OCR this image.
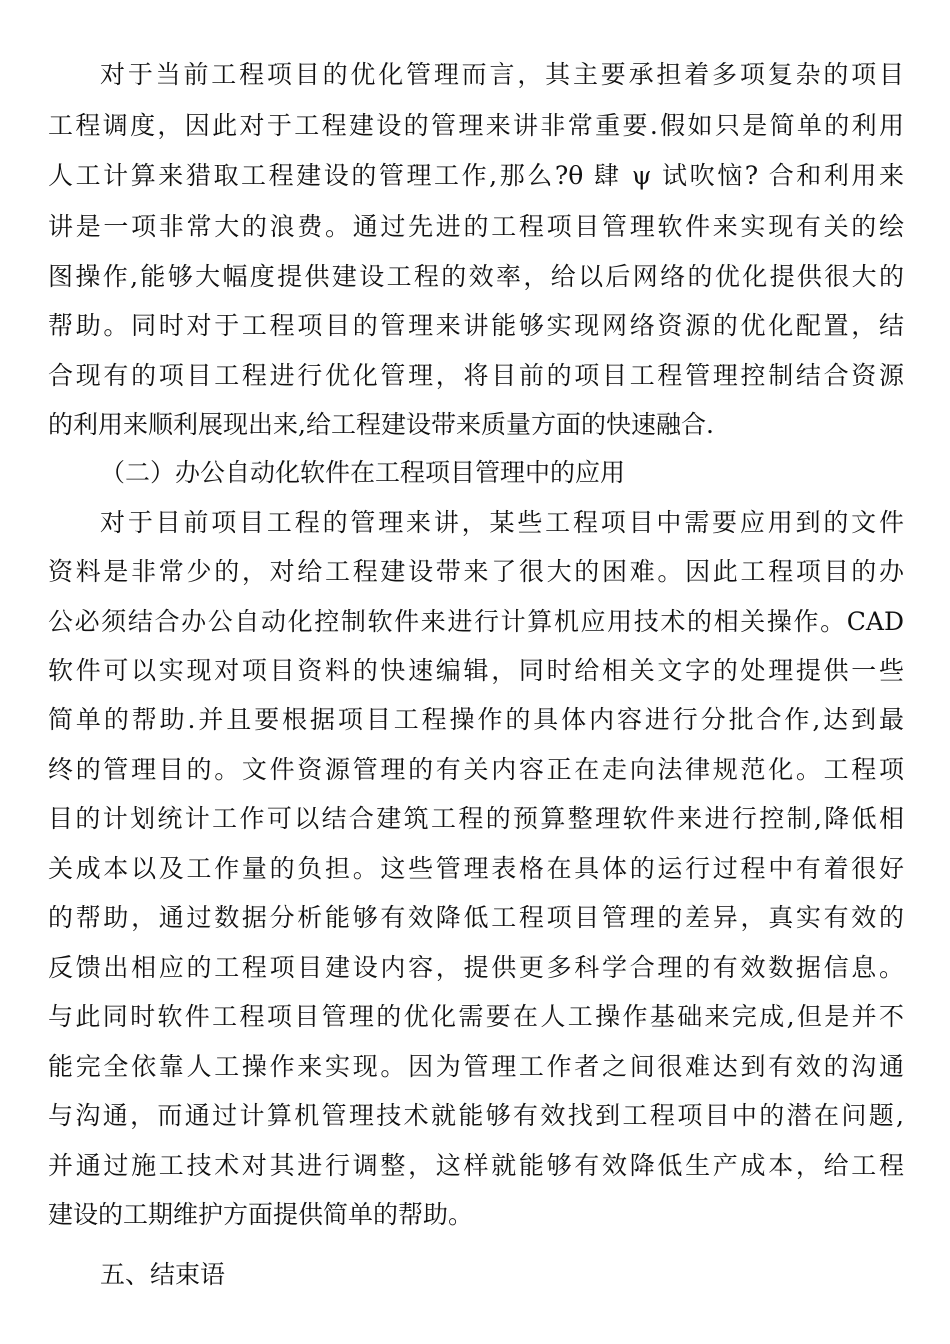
对于当前工程项目的优化管理而言，其主要承担着多项复杂的项目
工程调度，因此对于工程建设的管理来讲非常重要.假如只是简单的利用
人工计算来猎取工程建设的管理工作,那么?θ 肆 ψ 试吹恼? 合和利用来
讲是一项非常大的浪费。通过先进的工程项目管理软件来实现有关的绘
图操作,能够大幅度提供建设工程的效率，给以后网络的优化提供很大的
帮助。同时对于工程项目的管理来讲能够实现网络资源的优化配置，结
合现有的项目工程进行优化管理，将目前的项目工程管理控制结合资源
的利用来顺利展现出来,给工程建设带来质量方面的快速融合.
（二）办公自动化软件在工程项目管理中的应用
对于目前项目工程的管理来讲，某些工程项目中需要应用到的文件
资料是非常少的，对给工程建设带来了很大的困难。因此工程项目的办
公必须结合办公自动化控制软件来进行计算机应用技术的相关操作。CAD
软件可以实现对项目资料的快速编辑，同时给相关文字的处理提供一些
简单的帮助.并且要根据项目工程操作的具体内容进行分批合作,达到最
终的管理目的。文件资源管理的有关内容正在走向法律规范化。工程项
目的计划统计工作可以结合建筑工程的预算整理软件来进行控制,降低相
关成本以及工作量的负担。这些管理表格在具体的运行过程中有着很好
的帮助，通过数据分析能够有效降低工程项目管理的差异，真实有效的
反馈出相应的工程项目建设内容，提供更多科学合理的有效数据信息。
与此同时软件工程项目管理的优化需要在人工操作基础来完成,但是并不
能完全依靠人工操作来实现。因为管理工作者之间很难达到有效的沟通
与沟通，而通过计算机管理技术就能够有效找到工程项目中的潜在问题,
并通过施工技术对其进行调整，这样就能够有效降低生产成本，给工程
建设的工期维护方面提供简单的帮助。
五、结束语
